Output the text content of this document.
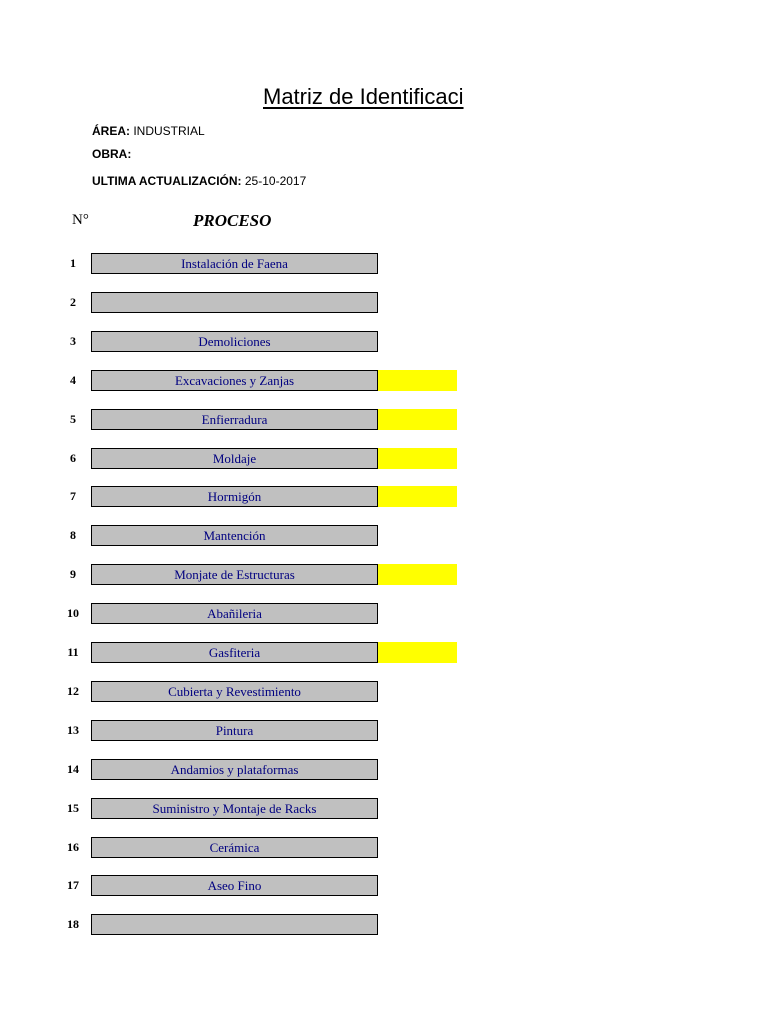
Matriz de Identificaci
ÁREA: INDUSTRIAL
OBRA:
ULTIMA ACTUALIZACIÓN: 25-10-2017
N°	PROCESO
1	Instalación de Faena
2
3	Demoliciones
4	Excavaciones y Zanjas
5	Enfierradura
6	Moldaje
7	Hormigón
8	Mantención
9	Monjate de Estructuras
10	Abañileria
11	Gasfiteria
12	Cubierta y Revestimiento
13	Pintura
14	Andamios y plataformas
15	Suministro y Montaje de Racks
16	Cerámica
17	Aseo Fino
18
